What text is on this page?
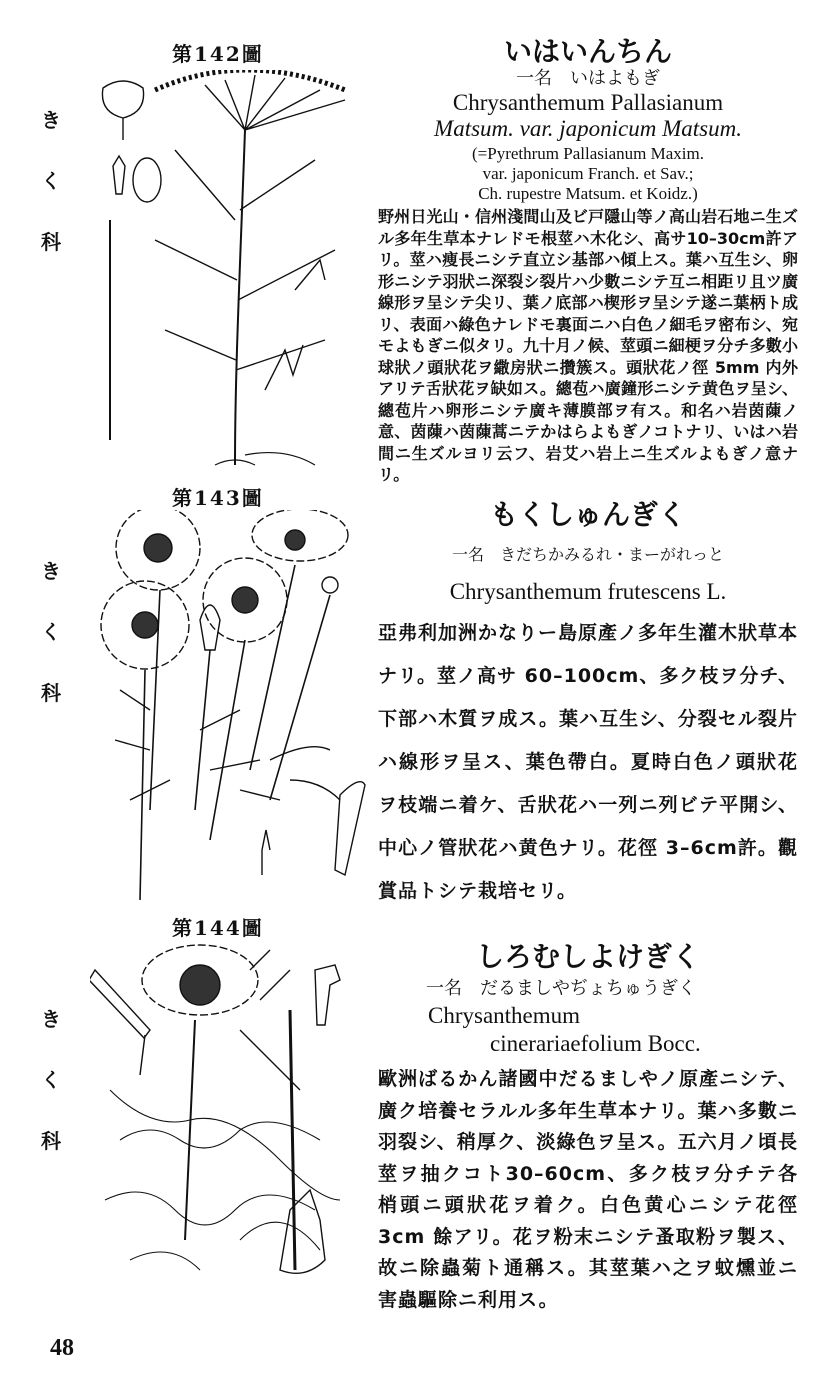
第142圖
き
く
科
いはいんちん
一名　いはよもぎ
Chrysanthemum Pallasianum
Matsum. var. japonicum Matsum.
(=Pyrethrum Pallasianum Maxim.
var. japonicum Franch. et Sav.;
Ch. rupestre Matsum. et Koidz.)
野州日光山・信州淺間山及ビ戸隱山等ノ高山岩石地ニ生ズル多年生草本ナレドモ根莖ハ木化シ、高サ10–30cm許アリ。莖ハ痩長ニシテ直立シ基部ハ傾上ス。葉ハ互生シ、卵形ニシテ羽狀ニ深裂シ裂片ハ少數ニシテ互ニ相距リ且ツ廣線形ヲ呈シテ尖リ、葉ノ底部ハ楔形ヲ呈シテ遂ニ葉柄ト成リ、表面ハ綠色ナレドモ裏面ニハ白色ノ細毛ヲ密布シ、宛モよもぎニ似タリ。九十月ノ候、莖頭ニ細梗ヲ分チ多數小球狀ノ頭狀花ヲ繖房狀ニ攢簇ス。頭狀花ノ徑 5mm 内外アリテ舌狀花ヲ缺如ス。總苞ハ廣鐘形ニシテ黄色ヲ呈シ、總苞片ハ卵形ニシテ廣キ薄膜部ヲ有ス。和名ハ岩茵蔯ノ意、茵蔯ハ茵蔯蒿ニテかはらよもぎノコトナリ、いはハ岩間ニ生ズルヨリ云フ、岩艾ハ岩上ニ生ズルよもぎノ意ナリ。
第143圖
き
く
科
もくしゅんぎく
一名　きだちかみるれ・まーがれっと
Chrysanthemum frutescens L.
亞弗利加洲かなりー島原產ノ多年生灌木狀草本ナリ。莖ノ高サ 60–100cm、多ク枝ヲ分チ、下部ハ木質ヲ成ス。葉ハ互生シ、分裂セル裂片ハ線形ヲ呈ス、葉色帶白。夏時白色ノ頭狀花ヲ枝端ニ着ケ、舌狀花ハ一列ニ列ビテ平開シ、中心ノ管狀花ハ黄色ナリ。花徑 3–6cm許。觀賞品トシテ栽培セリ。
第144圖
き
く
科
しろむしよけぎく
一名　だるましやぢょちゅうぎく
Chrysanthemum
cinerariaefolium Bocc.
歐洲ばるかん諸國中だるましやノ原產ニシテ、廣ク培養セラルル多年生草本ナリ。葉ハ多數ニ羽裂シ、稍厚ク、淡綠色ヲ呈ス。五六月ノ頃長莖ヲ抽クコト30–60cm、多ク枝ヲ分チテ各梢頭ニ頭狀花ヲ着ク。白色黄心ニシテ花徑 3cm 餘アリ。花ヲ粉末ニシテ蚤取粉ヲ製ス、故ニ除蟲菊ト通稱ス。其莖葉ハ之ヲ蚊燻並ニ害蟲驅除ニ利用ス。
48
